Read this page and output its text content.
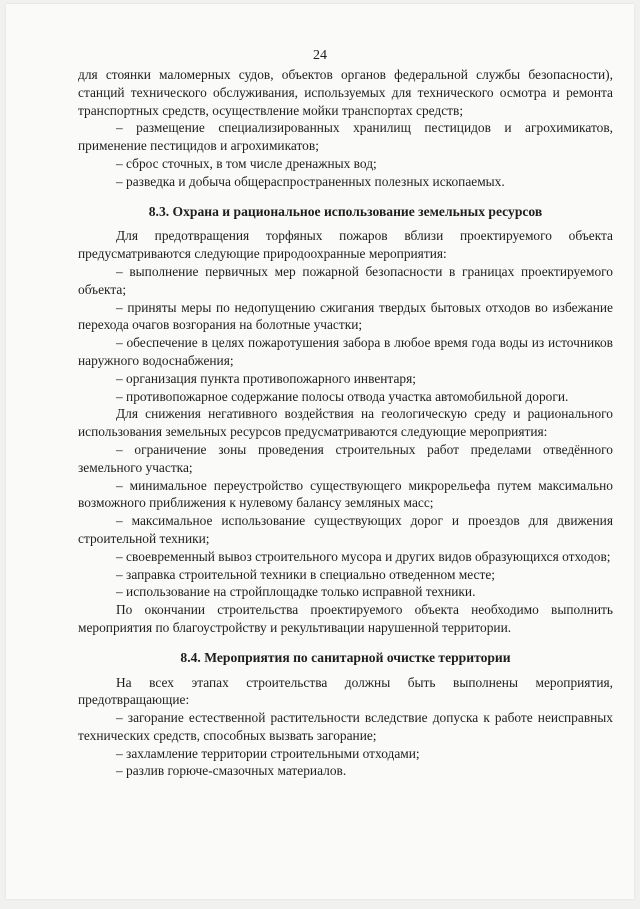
24

для стоянки маломерных судов, объектов органов федеральной службы безопасности), станций технического обслуживания, используемых для технического осмотра и ремонта транспортных средств, осуществление мойки транспортах средств;

– размещение специализированных хранилищ пестицидов и агрохимикатов, применение пестицидов и агрохимикатов;

– сброс сточных, в том числе дренажных вод;

– разведка и добыча общераспространенных полезных ископаемых.

8.3. Охрана и рациональное использование земельных ресурсов

Для предотвращения торфяных пожаров вблизи проектируемого объекта предусматриваются следующие природоохранные мероприятия:

– выполнение первичных мер пожарной безопасности в границах проектируемого объекта;

– приняты меры по недопущению сжигания твердых бытовых отходов во избежание перехода очагов возгорания на болотные участки;

– обеспечение в целях пожаротушения забора в любое время года воды из источников наружного водоснабжения;

– организация пункта противопожарного инвентаря;

– противопожарное содержание полосы отвода участка автомобильной дороги.

Для снижения негативного воздействия на геологическую среду и рационального использования земельных ресурсов предусматриваются следующие мероприятия:

– ограничение зоны проведения строительных работ пределами отведённого земельного участка;

– минимальное переустройство существующего микрорельефа путем максимально возможного приближения к нулевому балансу земляных масс;

– максимальное использование существующих дорог и проездов для движения строительной техники;

– своевременный вывоз строительного мусора и других видов образующихся отходов;

– заправка строительной техники в специально отведенном месте;

– использование на стройплощадке только исправной техники.

По окончании строительства проектируемого объекта необходимо выполнить мероприятия по благоустройству и рекультивации нарушенной территории.

8.4. Мероприятия по санитарной очистке территории

На всех этапах строительства должны быть выполнены мероприятия, предотвращающие:

– загорание естественной растительности вследствие допуска к работе неисправных технических средств, способных вызвать загорание;

– захламление территории строительными отходами;

– разлив горюче-смазочных материалов.
